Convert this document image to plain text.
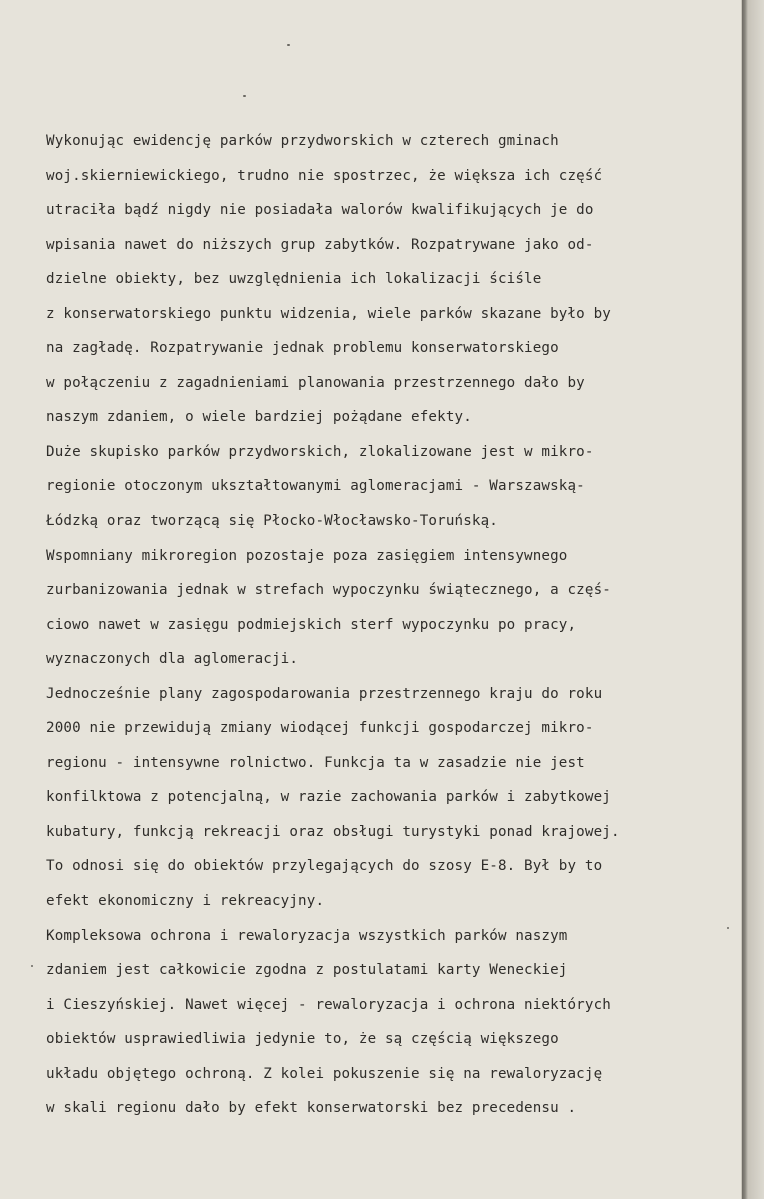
Wykonując ewidencję parków przydworskich w czterech gminach
woj.skierniewickiego, trudno nie spostrzec, że większa ich część
utraciła bądź nigdy nie posiadała walorów kwalifikujących je do
wpisania nawet do niższych grup zabytków. Rozpatrywane jako od-
dzielne obiekty, bez uwzględnienia ich lokalizacji ściśle
z konserwatorskiego punktu widzenia, wiele parków skazane było by
na zagładę. Rozpatrywanie jednak problemu konserwatorskiego
w połączeniu z zagadnieniami planowania przestrzennego dało by
naszym zdaniem, o wiele bardziej pożądane efekty.
Duże skupisko parków przydworskich, zlokalizowane jest w mikro-
regionie otoczonym ukształtowanymi aglomeracjami - Warszawską-
Łódzką oraz tworzącą się Płocko-Włocławsko-Toruńską.
Wspomniany mikroregion pozostaje poza zasięgiem intensywnego
zurbanizowania jednak w strefach wypoczynku świątecznego, a częś-
ciowo nawet w zasięgu podmiejskich sterf wypoczynku po pracy,
wyznaczonych dla aglomeracji.
Jednocześnie plany zagospodarowania przestrzennego kraju do roku
2000 nie przewidują zmiany wiodącej funkcji gospodarczej mikro-
regionu - intensywne rolnictwo. Funkcja ta w zasadzie nie jest
konfilktowa z potencjalną, w razie zachowania parków i zabytkowej
kubatury, funkcją rekreacji oraz obsługi turystyki ponad krajowej.
To odnosi się do obiektów przylegających do szosy E-8. Był by to
efekt ekonomiczny i rekreacyjny.
Kompleksowa ochrona i rewaloryzacja wszystkich parków naszym
zdaniem jest całkowicie zgodna z postulatami karty Weneckiej
i Cieszyńskiej. Nawet więcej - rewaloryzacja i ochrona niektórych
obiektów usprawiedliwia jedynie to, że są częścią większego
układu objętego ochroną. Z kolei pokuszenie się na rewaloryzację
w skali regionu dało by efekt konserwatorski bez precedensu .
